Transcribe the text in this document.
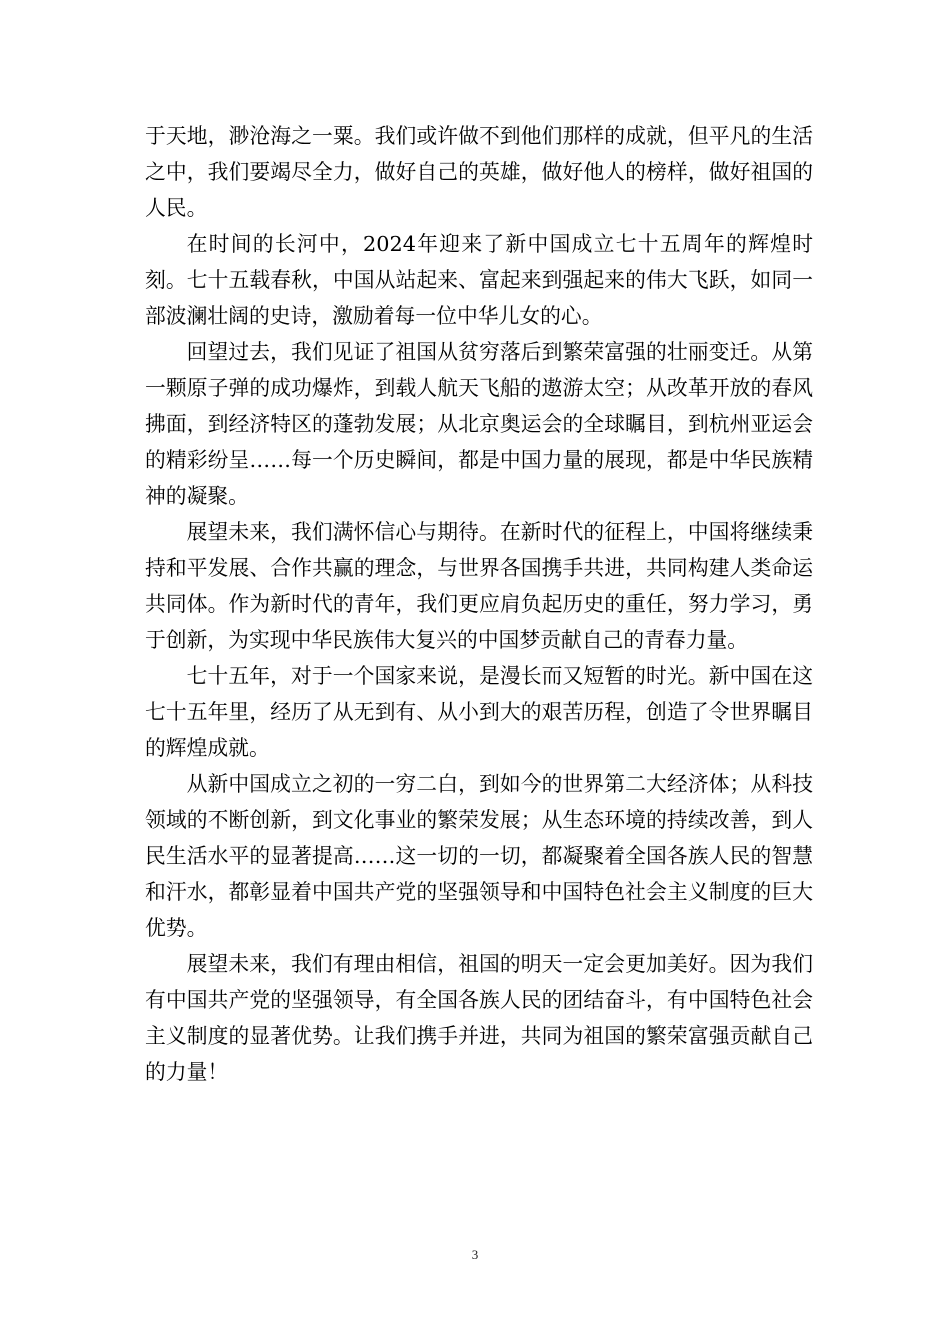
于天地，渺沧海之一粟。我们或许做不到他们那样的成就，但平凡的生活之中，我们要竭尽全力，做好自己的英雄，做好他人的榜样，做好祖国的人民。

在时间的长河中，2024年迎来了新中国成立七十五周年的辉煌时刻。七十五载春秋，中国从站起来、富起来到强起来的伟大飞跃，如同一部波澜壮阔的史诗，激励着每一位中华儿女的心。

回望过去，我们见证了祖国从贫穷落后到繁荣富强的壮丽变迁。从第一颗原子弹的成功爆炸，到载人航天飞船的遨游太空；从改革开放的春风拂面，到经济特区的蓬勃发展；从北京奥运会的全球瞩目，到杭州亚运会的精彩纷呈……每一个历史瞬间，都是中国力量的展现，都是中华民族精神的凝聚。

展望未来，我们满怀信心与期待。在新时代的征程上，中国将继续秉持和平发展、合作共赢的理念，与世界各国携手共进，共同构建人类命运共同体。作为新时代的青年，我们更应肩负起历史的重任，努力学习，勇于创新，为实现中华民族伟大复兴的中国梦贡献自己的青春力量。

七十五年，对于一个国家来说，是漫长而又短暂的时光。新中国在这七十五年里，经历了从无到有、从小到大的艰苦历程，创造了令世界瞩目的辉煌成就。

从新中国成立之初的一穷二白，到如今的世界第二大经济体；从科技领域的不断创新，到文化事业的繁荣发展；从生态环境的持续改善，到人民生活水平的显著提高……这一切的一切，都凝聚着全国各族人民的智慧和汗水，都彰显着中国共产党的坚强领导和中国特色社会主义制度的巨大优势。

展望未来，我们有理由相信，祖国的明天一定会更加美好。因为我们有中国共产党的坚强领导，有全国各族人民的团结奋斗，有中国特色社会主义制度的显著优势。让我们携手并进，共同为祖国的繁荣富强贡献自己的力量！

3
